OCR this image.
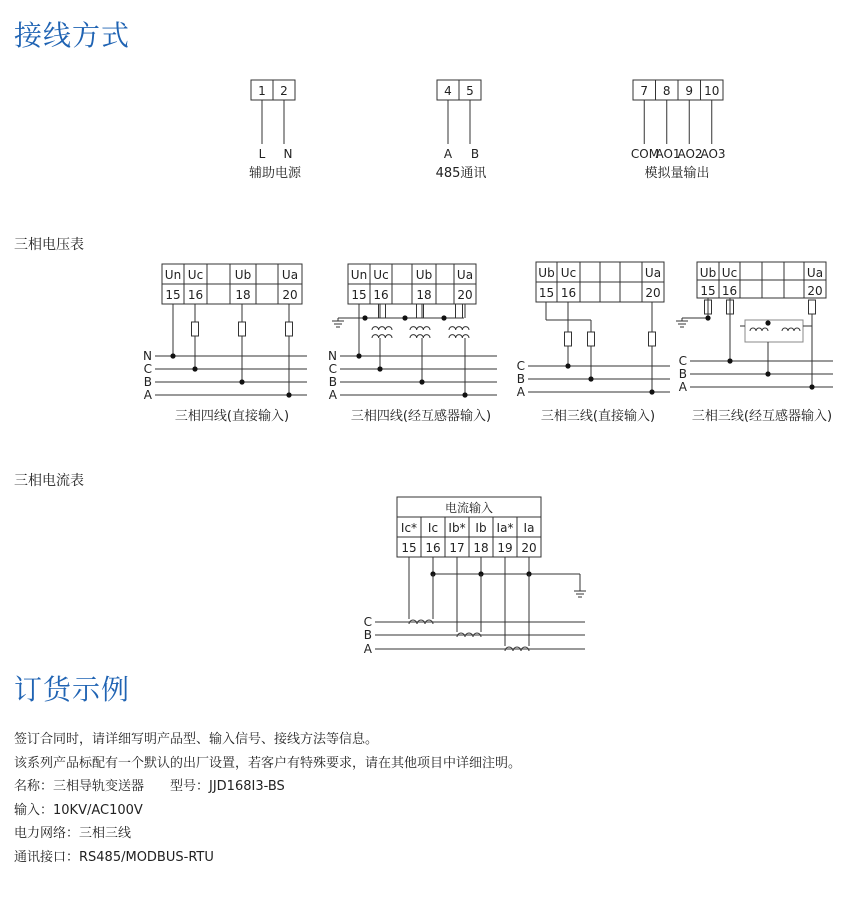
接线方式
三相电压表
三相电流表
订货示例
1 2
L N
辅助电源
4 5
A B
485通讯
7 8 9 10
COM
AO1
AO2
AO3
模拟量输出
Un
15
Uc
16
Ub
18
Ua
20
N
C
B
A
三相四线(直接输入)
Un
15
Uc
16
Ub
18
Ua
20
N
C
B
A
三相四线(经互感器输入)
Ub
15
Uc
16
Ua
20
C
B
A
三相三线(直接输入)
Ub
15
Uc
16
Ua
20
C
B
A
三相三线(经互感器输入)
电流输入
Ic*
15
Ic
16
Ib*
17
Ib
18
Ia*
19
Ia
20
C
B
A
签订合同时，请详细写明产品型、输入信号、接线方法等信息。
该系列产品标配有一个默认的出厂设置，若客户有特殊要求，请在其他项目中详细注明。
名称：三相导轨变送器　　型号：JJD168I3-BS
输入：10KV/AC100V
电力网络：三相三线
通讯接口：RS485/MODBUS-RTU
